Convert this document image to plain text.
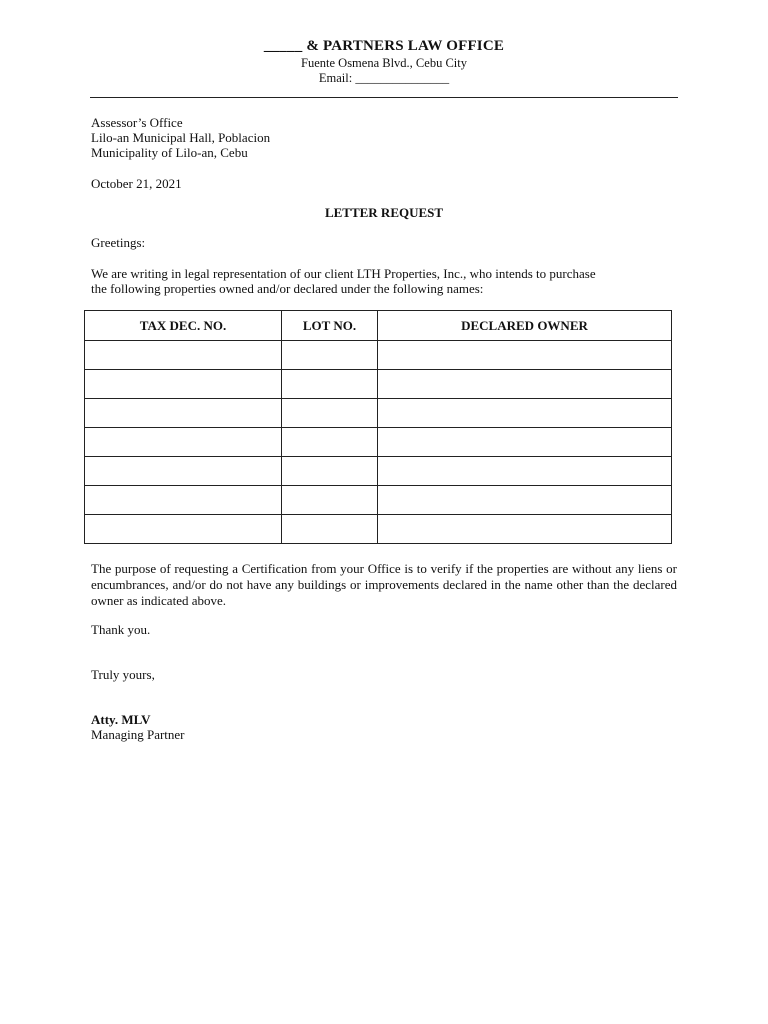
_____ & PARTNERS LAW OFFICE
Fuente Osmena Blvd., Cebu City
Email: _______________
Assessor’s Office
Lilo-an Municipal Hall, Poblacion
Municipality of Lilo-an, Cebu
October 21, 2021
LETTER REQUEST
Greetings:
We are writing in legal representation of our client LTH Properties, Inc., who intends to purchase
the following properties owned and/or declared under the following names:
TAX DEC. NO.	LOT NO.	DECLARED OWNER

The purpose of requesting a Certification from your Office is to verify if the properties are without any liens or encumbrances, and/or do not have any buildings or improvements declared in the name other than the declared owner as indicated above.
Thank you.
Truly yours,
Atty. MLV
Managing Partner
